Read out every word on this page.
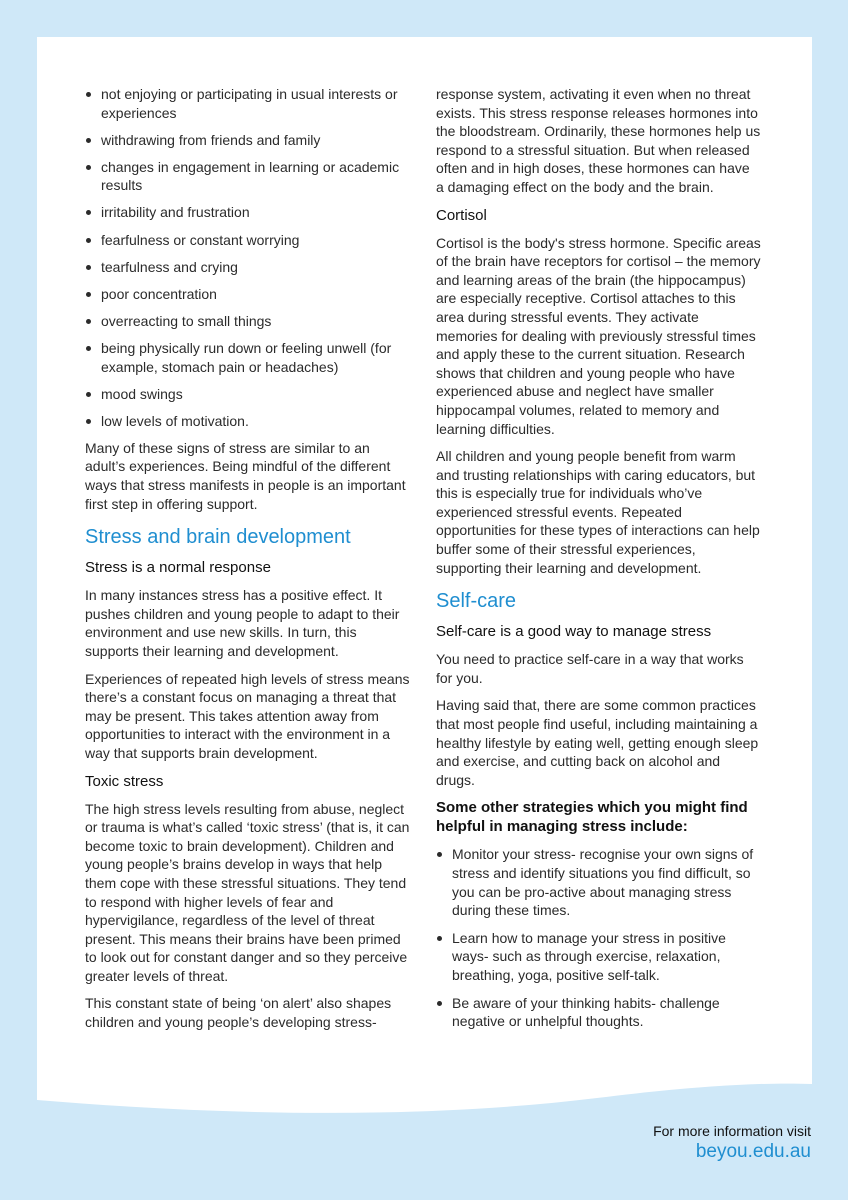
not enjoying or participating in usual interests or experiences
withdrawing from friends and family
changes in engagement in learning or academic results
irritability and frustration
fearfulness or constant worrying
tearfulness and crying
poor concentration
overreacting to small things
being physically run down or feeling unwell (for example, stomach pain or headaches)
mood swings
low levels of motivation.

Many of these signs of stress are similar to an adult’s experiences. Being mindful of the different ways that stress manifests in people is an important first step in offering support.

Stress and brain development
Stress is a normal response

In many instances stress has a positive effect. It pushes children and young people to adapt to their environment and use new skills. In turn, this supports their learning and development.

Experiences of repeated high levels of stress means there’s a constant focus on managing a threat that may be present. This takes attention away from opportunities to interact with the environment in a way that supports brain development.

Toxic stress

The high stress levels resulting from abuse, neglect or trauma is what’s called ‘toxic stress’ (that is, it can become toxic to brain development). Children and young people’s brains develop in ways that help them cope with these stressful situations. They tend to respond with higher levels of fear and hypervigilance, regardless of the level of threat present. This means their brains have been primed to look out for constant danger and so they perceive greater levels of threat.

This constant state of being ‘on alert’ also shapes children and young people’s developing stress-

response system, activating it even when no threat exists. This stress response releases hormones into the bloodstream. Ordinarily, these hormones help us respond to a stressful situation. But when released often and in high doses, these hormones can have a damaging effect on the body and the brain.

Cortisol

Cortisol is the body's stress hormone. Specific areas of the brain have receptors for cortisol – the memory and learning areas of the brain (the hippocampus) are especially receptive. Cortisol attaches to this area during stressful events. They activate memories for dealing with previously stressful times and apply these to the current situation. Research shows that children and young people who have experienced abuse and neglect have smaller hippocampal volumes, related to memory and learning difficulties.

All children and young people benefit from warm and trusting relationships with caring educators, but this is especially true for individuals who’ve experienced stressful events. Repeated opportunities for these types of interactions can help buffer some of their stressful experiences, supporting their learning and development.

Self-care
Self-care is a good way to manage stress

You need to practice self-care in a way that works for you.

Having said that, there are some common practices that most people find useful, including maintaining a healthy lifestyle by eating well, getting enough sleep and exercise, and cutting back on alcohol and drugs.

Some other strategies which you might find helpful in managing stress include:
Monitor your stress- recognise your own signs of stress and identify situations you find difficult, so you can be pro-active about managing stress during these times.
Learn how to manage your stress in positive ways- such as through exercise, relaxation, breathing, yoga, positive self-talk.
Be aware of your thinking habits- challenge negative or unhelpful thoughts.
For more information visit
beyou.edu.au
